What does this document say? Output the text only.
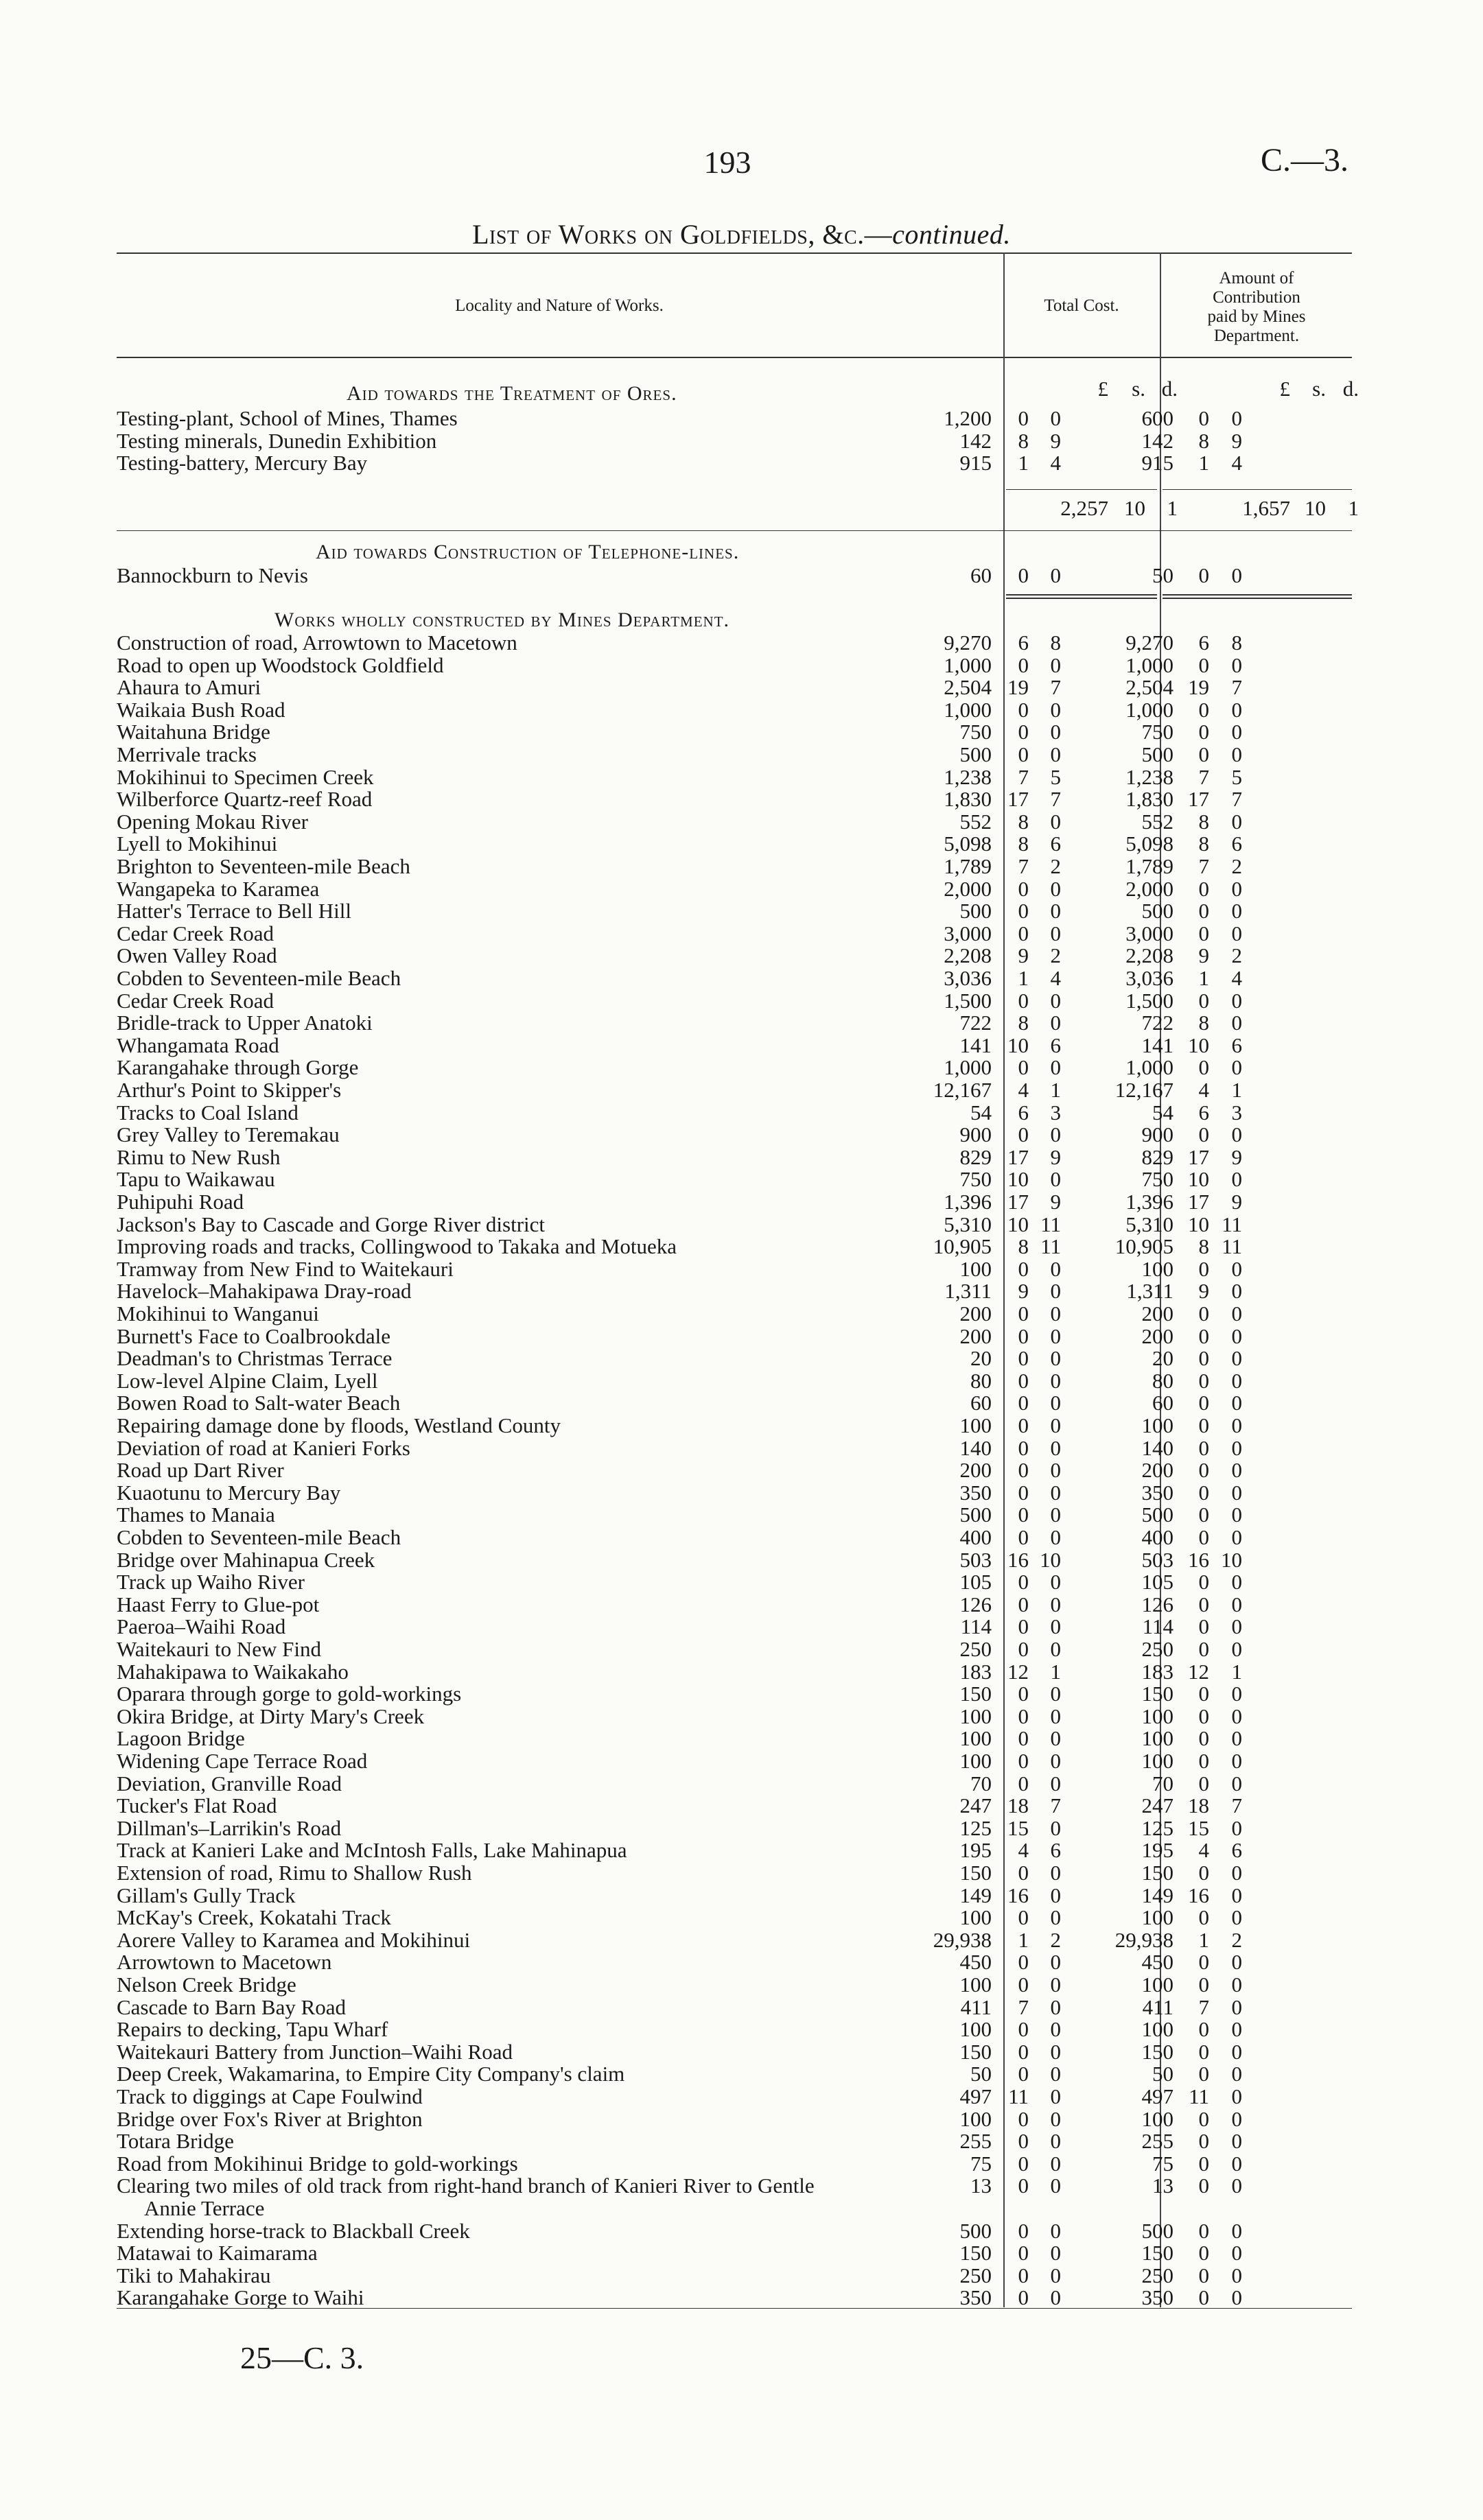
193	C.—3.
List of Works on Goldfields, &c.—continued.
Locality and Nature of Works.	Total Cost.
Amount of
Contribution
paid by Mines
Department.
£	s. d.	£	s. d.
Aid towards the Treatment of Ores.
Testing-plant, School of Mines, Thames	1,200	0	0	600	0	0
Testing minerals, Dunedin Exhibition	142	8	9	142	8	9
Testing-battery, Mercury Bay	915	1	4	915	1	4
2,257 10	1	1,657 10	1
Aid towards Construction of Telephone-lines.
Bannockburn to Nevis	60	0	0	50	0	0
Works wholly constructed by Mines Department.
Construction of road, Arrowtown to Macetown	9,270	6	8	9,270	6	8
Road to open up Woodstock Goldfield	1,000	0	0	1,000	0	0
Ahaura to Amuri	2,504 19	7	2,504 19	7
Waikaia Bush Road	1,000	0	0	1,000	0	0
Waitahuna Bridge	750	0	0	750	0	0
Merrivale tracks	500	0	0	500	0	0
Mokihinui to Specimen Creek	1,238	7	5	1,238	7	5
Wilberforce Quartz-reef Road	1,830 17	7	1,830 17	7
Opening Mokau River	552	8	0	552	8	0
Lyell to Mokihinui	5,098	8	6	5,098	8	6
Brighton to Seventeen-mile Beach	1,789	7	2	1,789	7	2
Wangapeka to Karamea	2,000	0	0	2,000	0	0
Hatter's Terrace to Bell Hill	500	0	0	500	0	0
Cedar Creek Road	3,000	0	0	3,000	0	0
Owen Valley Road	2,208	9	2	2,208	9	2
Cobden to Seventeen-mile Beach	3,036	1	4	3,036	1	4
Cedar Creek Road	1,500	0	0	1,500	0	0
Bridle-track to Upper Anatoki	722	8	0	722	8	0
Whangamata Road	141 10	6	141 10	6
Karangahake through Gorge	1,000	0	0	1,000	0	0
Arthur's Point to Skipper's	12,167	4	1	12,167	4	1
Tracks to Coal Island	54	6	3	54	6	3
Grey Valley to Teremakau	900	0	0	900	0	0
Rimu to New Rush	829 17	9	829 17	9
Tapu to Waikawau	750 10	0	750 10	0
Puhipuhi Road	1,396 17	9	1,396 17	9
Jackson's Bay to Cascade and Gorge River district	5,310 10 11	5,310 10 11
Improving roads and tracks, Collingwood to Takaka and Motueka	10,905	8 11	10,905	8 11
Tramway from New Find to Waitekauri	100	0	0	100	0	0
Havelock–Mahakipawa Dray-road	1,311	9	0	1,311	9	0
Mokihinui to Wanganui	200	0	0	200	0	0
Burnett's Face to Coalbrookdale	200	0	0	200	0	0
Deadman's to Christmas Terrace	20	0	0	20	0	0
Low-level Alpine Claim, Lyell	80	0	0	80	0	0
Bowen Road to Salt-water Beach	60	0	0	60	0	0
Repairing damage done by floods, Westland County	100	0	0	100	0	0
Deviation of road at Kanieri Forks	140	0	0	140	0	0
Road up Dart River	200	0	0	200	0	0
Kuaotunu to Mercury Bay	350	0	0	350	0	0
Thames to Manaia	500	0	0	500	0	0
Cobden to Seventeen-mile Beach	400	0	0	400	0	0
Bridge over Mahinapua Creek	503 16 10	503 16 10
Track up Waiho River	105	0	0	105	0	0
Haast Ferry to Glue-pot	126	0	0	126	0	0
Paeroa–Waihi Road	114	0	0	114	0	0
Waitekauri to New Find	250	0	0	250	0	0
Mahakipawa to Waikakaho	183 12	1	183 12	1
Oparara through gorge to gold-workings	150	0	0	150	0	0
Okira Bridge, at Dirty Mary's Creek	100	0	0	100	0	0
Lagoon Bridge	100	0	0	100	0	0
Widening Cape Terrace Road	100	0	0	100	0	0
Deviation, Granville Road	70	0	0	70	0	0
Tucker's Flat Road	247 18	7	247 18	7
Dillman's–Larrikin's Road	125 15	0	125 15	0
Track at Kanieri Lake and McIntosh Falls, Lake Mahinapua	195	4	6	195	4	6
Extension of road, Rimu to Shallow Rush	150	0	0	150	0	0
Gillam's Gully Track	149 16	0	149 16	0
McKay's Creek, Kokatahi Track	100	0	0	100	0	0
Aorere Valley to Karamea and Mokihinui	29,938	1	2	29,938	1	2
Arrowtown to Macetown	450	0	0	450	0	0
Nelson Creek Bridge	100	0	0	100	0	0
Cascade to Barn Bay Road	411	7	0	411	7	0
Repairs to decking, Tapu Wharf	100	0	0	100	0	0
Waitekauri Battery from Junction–Waihi Road	150	0	0	150	0	0
Deep Creek, Wakamarina, to Empire City Company's claim	50	0	0	50	0	0
Track to diggings at Cape Foulwind	497 11	0	497 11	0
Bridge over Fox's River at Brighton	100	0	0	100	0	0
Totara Bridge	255	0	0	255	0	0
Road from Mokihinui Bridge to gold-workings	75	0	0	75	0	0
Clearing two miles of old track from right-hand branch of Kanieri River to Gentle	13	0	0	13	0	0
Annie Terrace
Extending horse-track to Blackball Creek	500	0	0	500	0	0
Matawai to Kaimarama	150	0	0	150	0	0
Tiki to Mahakirau	250	0	0	250	0	0
Karangahake Gorge to Waihi	350	0	0	350	0	0
25—C. 3.
